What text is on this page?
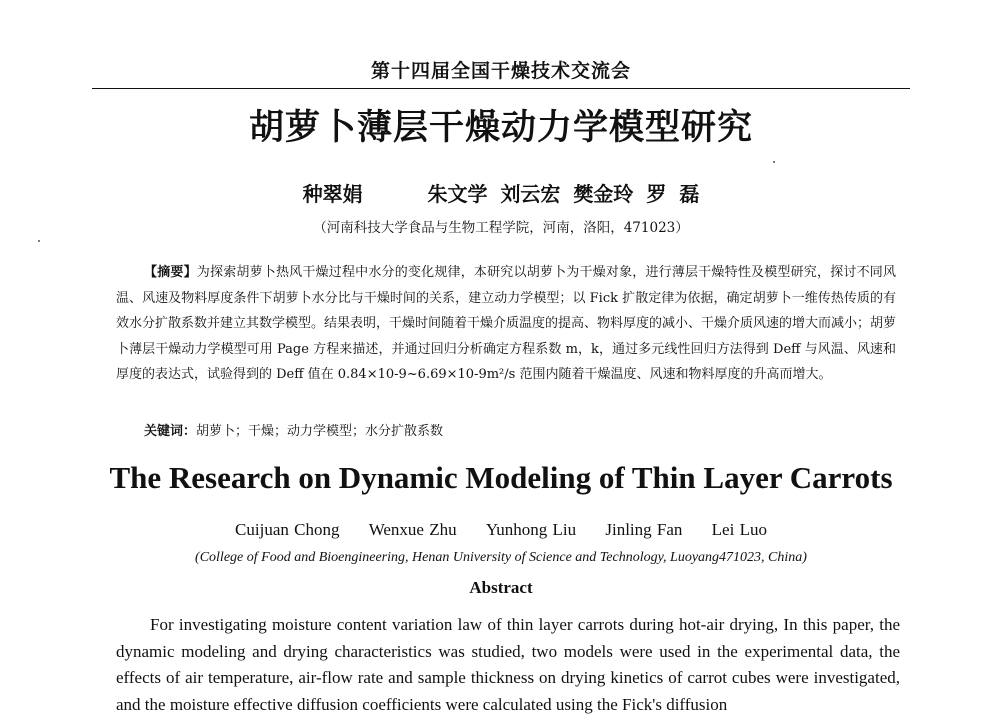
第十四届全国干燥技术交流会
胡萝卜薄层干燥动力学模型研究
种翠娟	朱文学 刘云宏 樊金玲 罗 磊
（河南科技大学食品与生物工程学院，河南，洛阳，471023）
【摘要】为探索胡萝卜热风干燥过程中水分的变化规律，本研究以胡萝卜为干燥对象，进行薄层干燥特性及模型研究，探讨不同风温、风速及物料厚度条件下胡萝卜水分比与干燥时间的关系，建立动力学模型；以 Fick 扩散定律为依据，确定胡萝卜一维传热传质的有效水分扩散系数并建立其数学模型。结果表明，干燥时间随着干燥介质温度的提高、物料厚度的减小、干燥介质风速的增大而减小；胡萝卜薄层干燥动力学模型可用 Page 方程来描述，并通过回归分析确定方程系数 m，k，通过多元线性回归方法得到 Deff 与风温、风速和厚度的表达式，试验得到的 Deff 值在 0.84×10-9~6.69×10-9m²/s 范围内随着干燥温度、风速和物料厚度的升高而增大。
关键词：胡萝卜；干燥；动力学模型；水分扩散系数
The Research on Dynamic Modeling of Thin Layer Carrots
Cuijuan Chong Wenxue Zhu Yunhong Liu Jinling Fan Lei Luo
(College of Food and Bioengineering, Henan University of Science and Technology, Luoyang471023, China)
Abstract
For investigating moisture content variation law of thin layer carrots during hot-air drying, In this paper, the dynamic modeling and drying characteristics was studied, two models were used in the experimental data, the effects of air temperature, air-flow rate and sample thickness on drying kinetics of carrot cubes were investigated, and the moisture effective diffusion coefficients were calculated using the Fick's diffusion
